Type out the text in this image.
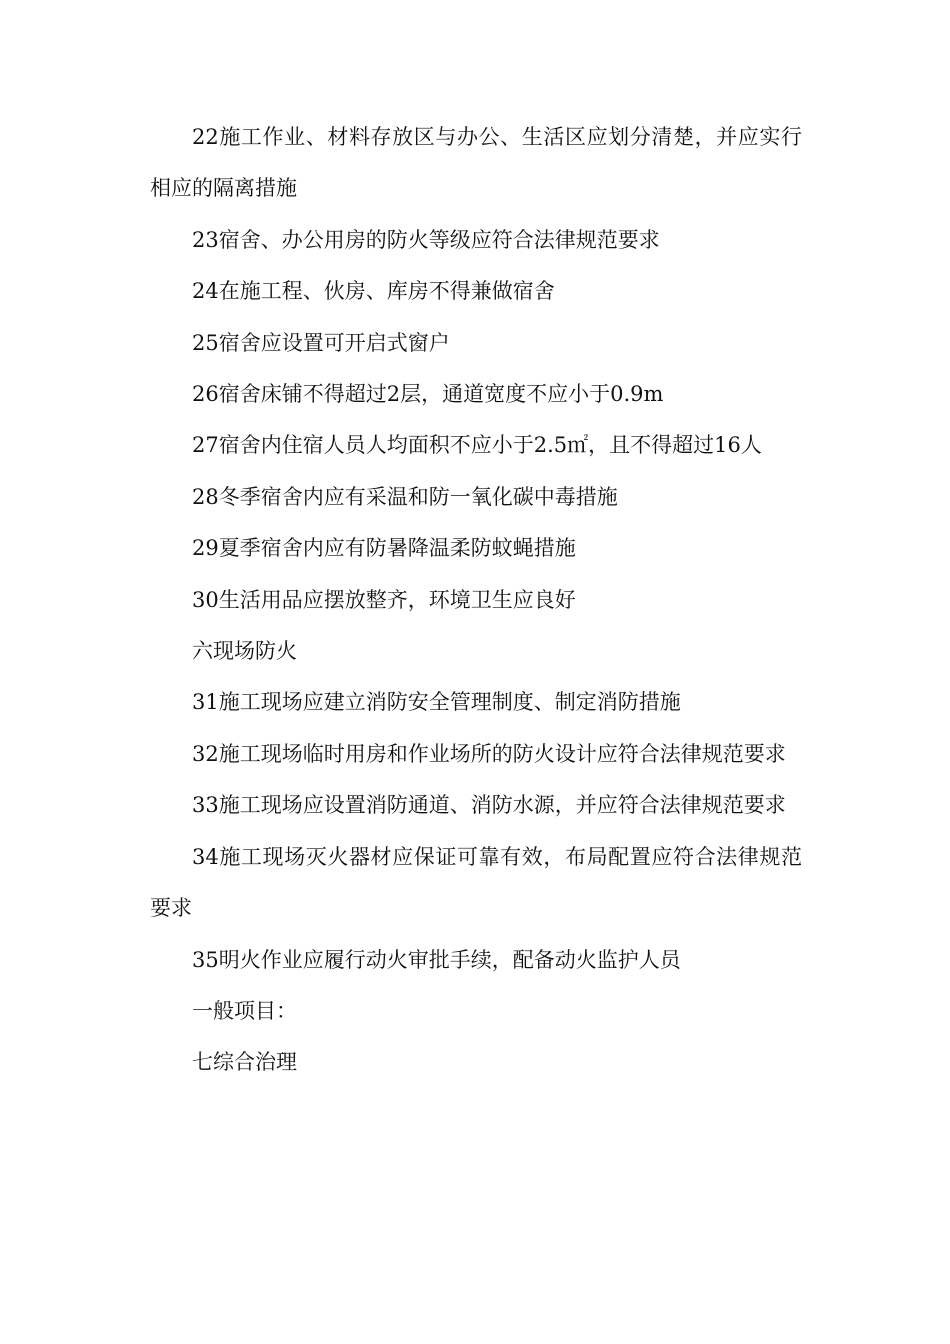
22施工作业、材料存放区与办公、生活区应划分清楚，并应实行相应的隔离措施

23宿舍、办公用房的防火等级应符合法律规范要求

24在施工程、伙房、库房不得兼做宿舍

25宿舍应设置可开启式窗户

26宿舍床铺不得超过2层，通道宽度不应小于0.9m

27宿舍内住宿人员人均面积不应小于2.5㎡，且不得超过16人

28冬季宿舍内应有采温和防一氧化碳中毒措施

29夏季宿舍内应有防暑降温柔防蚊蝇措施

30生活用品应摆放整齐，环境卫生应良好

六现场防火

31施工现场应建立消防安全管理制度、制定消防措施

32施工现场临时用房和作业场所的防火设计应符合法律规范要求

33施工现场应设置消防通道、消防水源，并应符合法律规范要求

34施工现场灭火器材应保证可靠有效，布局配置应符合法律规范要求

35明火作业应履行动火审批手续，配备动火监护人员

一般项目：

七综合治理
